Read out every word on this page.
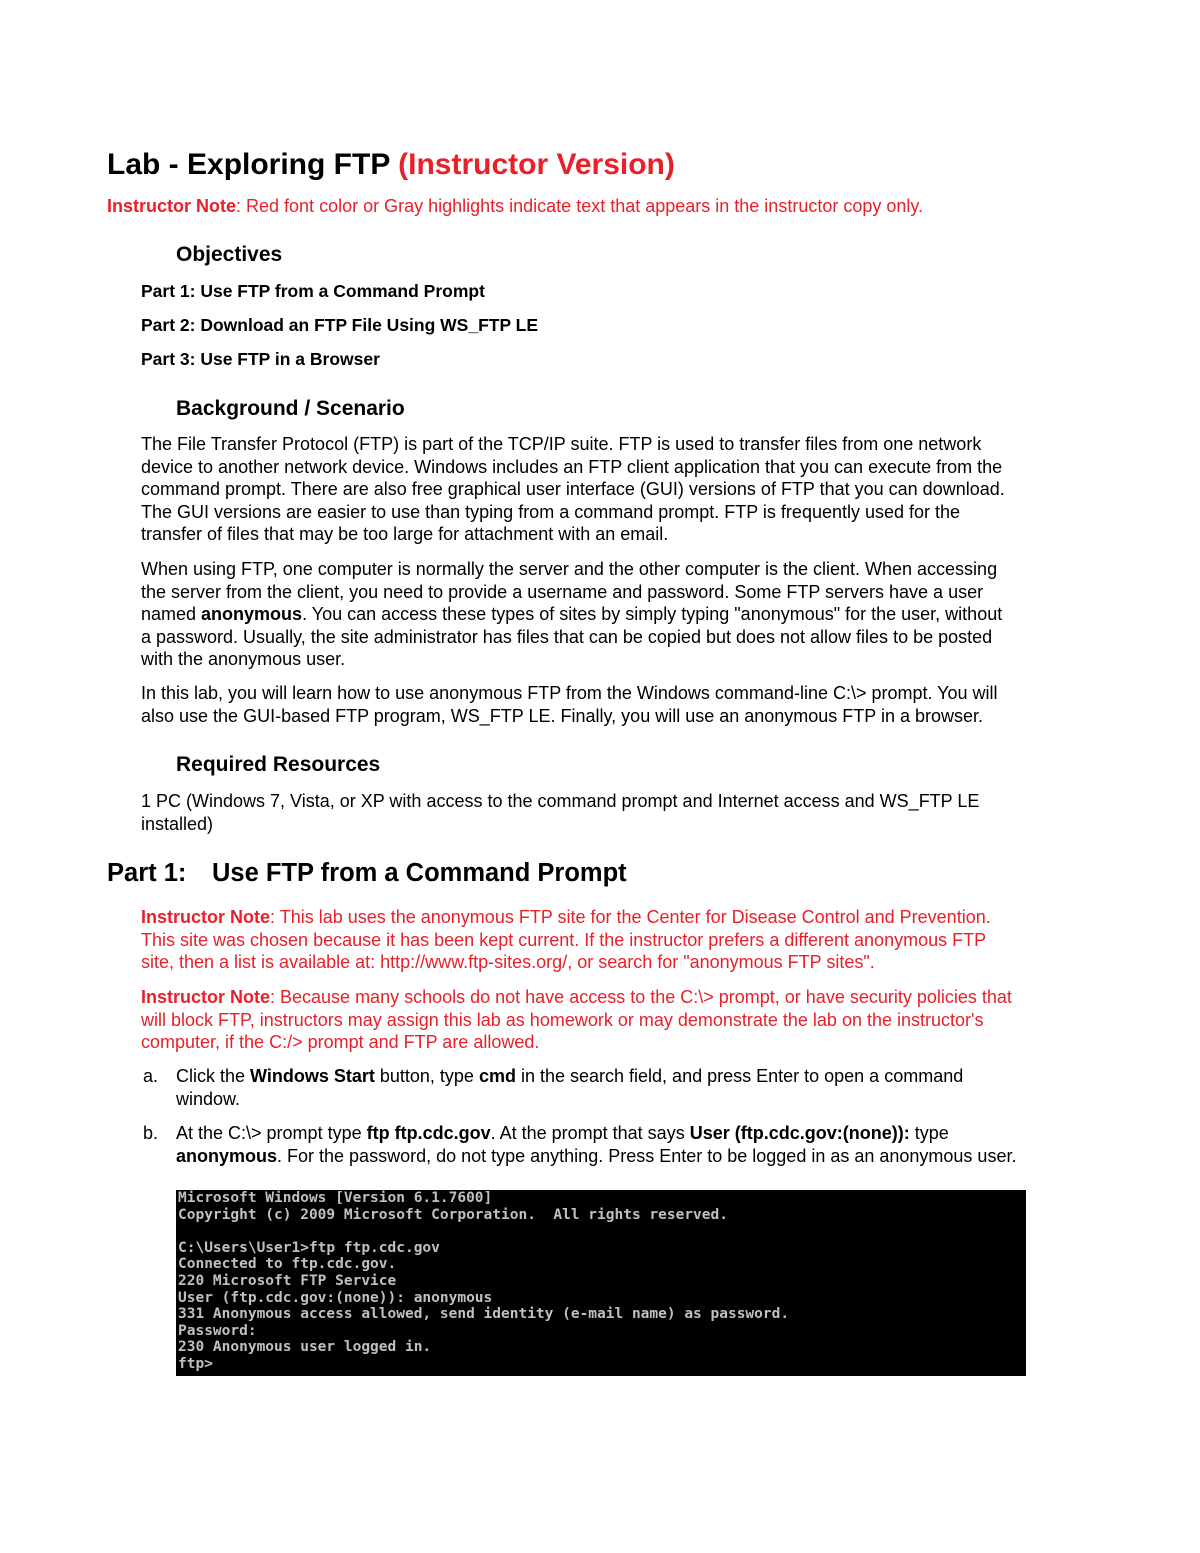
Lab - Exploring FTP (Instructor Version)
Instructor Note: Red font color or Gray highlights indicate text that appears in the instructor copy only.
Objectives
Part 1: Use FTP from a Command Prompt
Part 2: Download an FTP File Using WS_FTP LE
Part 3: Use FTP in a Browser
Background / Scenario
The File Transfer Protocol (FTP) is part of the TCP/IP suite. FTP is used to transfer files from one network
device to another network device. Windows includes an FTP client application that you can execute from the
command prompt. There are also free graphical user interface (GUI) versions of FTP that you can download.
The GUI versions are easier to use than typing from a command prompt. FTP is frequently used for the
transfer of files that may be too large for attachment with an email.
When using FTP, one computer is normally the server and the other computer is the client. When accessing
the server from the client, you need to provide a username and password. Some FTP servers have a user
named anonymous. You can access these types of sites by simply typing "anonymous" for the user, without
a password. Usually, the site administrator has files that can be copied but does not allow files to be posted
with the anonymous user.
In this lab, you will learn how to use anonymous FTP from the Windows command-line C:\> prompt. You will
also use the GUI-based FTP program, WS_FTP LE. Finally, you will use an anonymous FTP in a browser.
Required Resources
1 PC (Windows 7, Vista, or XP with access to the command prompt and Internet access and WS_FTP LE
installed)
Part 1: Use FTP from a Command Prompt
Instructor Note: This lab uses the anonymous FTP site for the Center for Disease Control and Prevention.
This site was chosen because it has been kept current. If the instructor prefers a different anonymous FTP
site, then a list is available at: http://www.ftp-sites.org/, or search for "anonymous FTP sites".
Instructor Note: Because many schools do not have access to the C:\> prompt, or have security policies that
will block FTP, instructors may assign this lab as homework or may demonstrate the lab on the instructor's
computer, if the C:/> prompt and FTP are allowed.
a. Click the Windows Start button, type cmd in the search field, and press Enter to open a command
window.
b. At the C:\> prompt type ftp ftp.cdc.gov. At the prompt that says User (ftp.cdc.gov:(none)): type
anonymous. For the password, do not type anything. Press Enter to be logged in as an anonymous user.
Microsoft Windows [Version 6.1.7600]
Copyright (c) 2009 Microsoft Corporation.  All rights reserved.
C:\Users\User1>ftp ftp.cdc.gov
Connected to ftp.cdc.gov.
220 Microsoft FTP Service
User (ftp.cdc.gov:(none)): anonymous
331 Anonymous access allowed, send identity (e-mail name) as password.
Password:
230 Anonymous user logged in.
ftp>
